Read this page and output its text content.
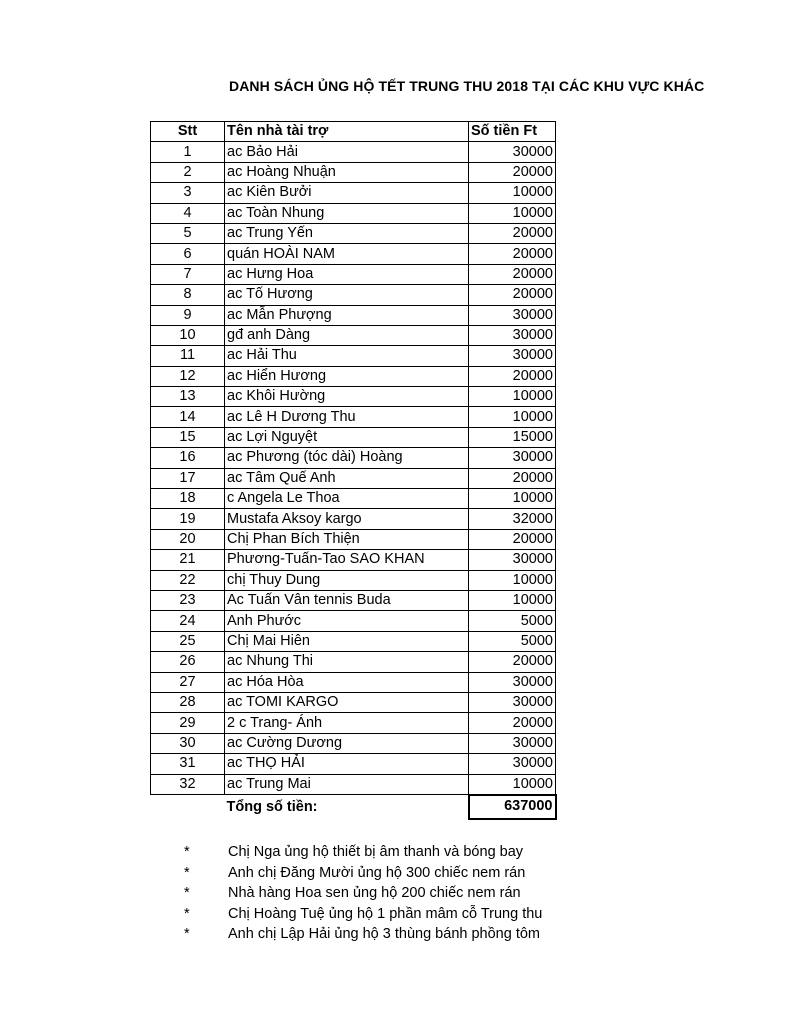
DANH SÁCH ỦNG HỘ TẾT TRUNG THU 2018 TẠI CÁC KHU VỰC KHÁC
Stt	Tên nhà tài trợ	Số tiền Ft
1	ac Bảo Hải	30000
2	ac Hoàng Nhuận	20000
3	ac Kiên Bưởi	10000
4	ac Toàn Nhung	10000
5	ac Trung Yến	20000
6	quán HOÀI NAM	20000
7	ac Hưng Hoa	20000
8	ac Tố Hương	20000
9	ac Mẫn Phượng	30000
10	gđ anh Dàng	30000
11	ac Hải Thu	30000
12	ac Hiển Hương	20000
13	ac Khôi Hường	10000
14	ac Lê H Dương Thu	10000
15	ac Lợi Nguyệt	15000
16	ac Phương (tóc dài) Hoàng	30000
17	ac Tâm Quế Anh	20000
18	c Angela Le Thoa	10000
19	Mustafa Aksoy kargo	32000
20	Chị Phan Bích Thiện	20000
21	Phương-Tuấn-Tao SAO KHAN	30000
22	chị Thuy Dung	10000
23	Ac Tuấn Vân tennis Buda	10000
24	Anh Phước	5000
25	Chị Mai Hiên	5000
26	ac Nhung Thi	20000
27	ac Hóa Hòa	30000
28	ac TOMI KARGO	30000
29	2 c Trang- Ánh	20000
30	ac Cường Dương	30000
31	ac THỌ HẢI	30000
32	ac Trung Mai	10000
	Tổng số tiền:	637000
*	Chị Nga ủng hộ thiết bị âm thanh và bóng bay
*	Anh chị Đăng Mười ủng hộ 300 chiếc nem rán
*	Nhà hàng Hoa sen ủng hộ 200 chiếc nem rán
*	Chị Hoàng Tuệ ủng hộ 1 phần mâm cỗ Trung thu
*	Anh chị Lập Hải ủng hộ 3 thùng bánh phồng tôm
